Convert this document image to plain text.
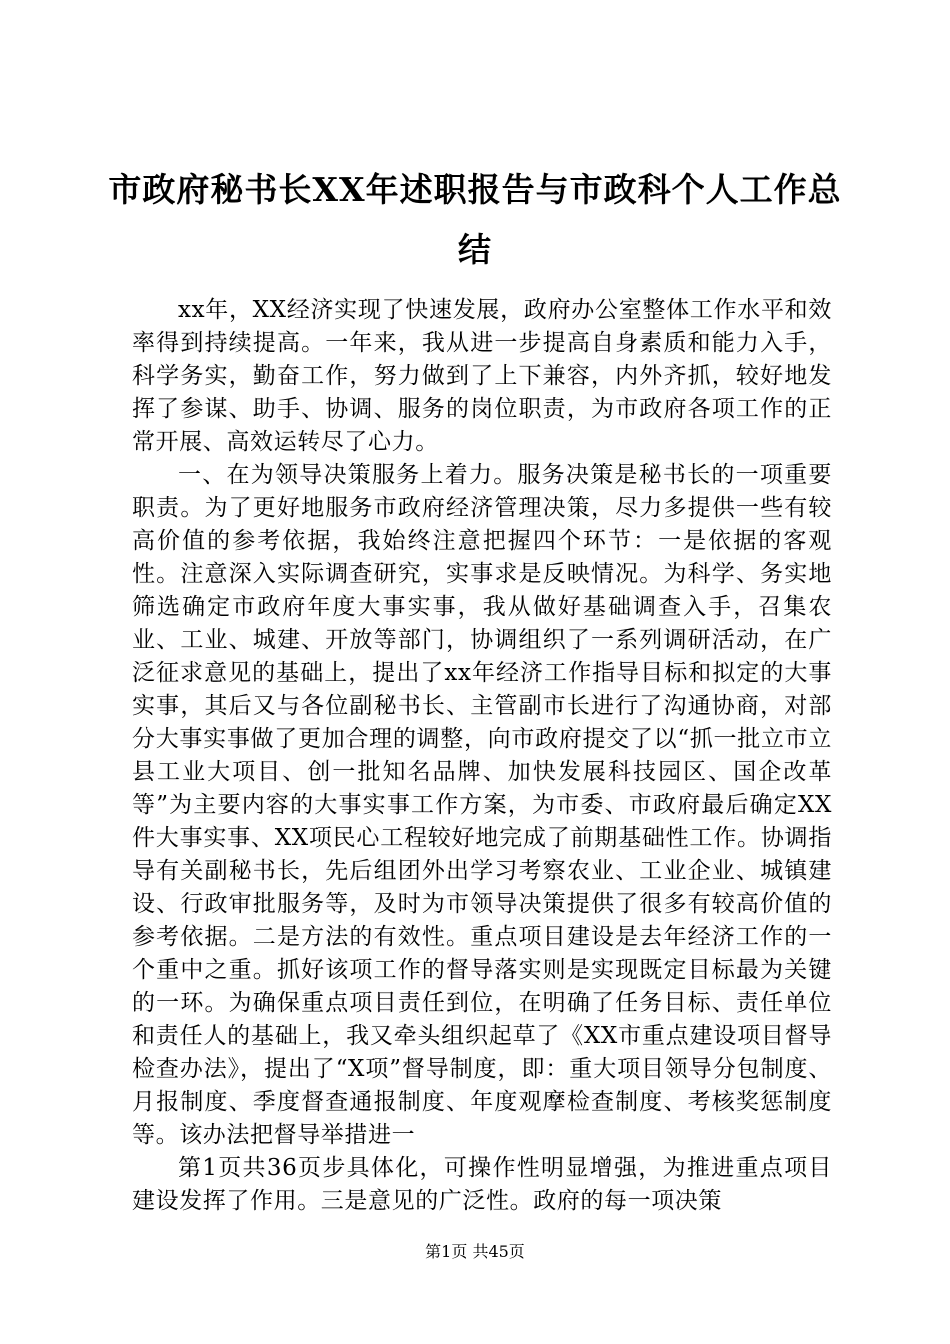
市政府秘书长XX年述职报告与市政科个人工作总结

xx年，XX经济实现了快速发展，政府办公室整体工作水平和效率得到持续提高。一年来，我从进一步提高自身素质和能力入手，科学务实，勤奋工作，努力做到了上下兼容，内外齐抓，较好地发挥了参谋、助手、协调、服务的岗位职责，为市政府各项工作的正常开展、高效运转尽了心力。

一、在为领导决策服务上着力。服务决策是秘书长的一项重要职责。为了更好地服务市政府经济管理决策，尽力多提供一些有较高价值的参考依据，我始终注意把握四个环节：一是依据的客观性。注意深入实际调查研究，实事求是反映情况。为科学、务实地筛选确定市政府年度大事实事，我从做好基础调查入手，召集农业、工业、城建、开放等部门，协调组织了一系列调研活动，在广泛征求意见的基础上，提出了xx年经济工作指导目标和拟定的大事实事，其后又与各位副秘书长、主管副市长进行了沟通协商，对部分大事实事做了更加合理的调整，向市政府提交了以“抓一批立市立县工业大项目、创一批知名品牌、加快发展科技园区、国企改革等”为主要内容的大事实事工作方案，为市委、市政府最后确定XX件大事实事、XX项民心工程较好地完成了前期基础性工作。协调指导有关副秘书长，先后组团外出学习考察农业、工业企业、城镇建设、行政审批服务等，及时为市领导决策提供了很多有较高价值的参考依据。二是方法的有效性。重点项目建设是去年经济工作的一个重中之重。抓好该项工作的督导落实则是实现既定目标最为关键的一环。为确保重点项目责任到位，在明确了任务目标、责任单位和责任人的基础上，我又牵头组织起草了《XX市重点建设项目督导检查办法》，提出了“X项”督导制度，即：重大项目领导分包制度、月报制度、季度督查通报制度、年度观摩检查制度、考核奖惩制度等。该办法把督导举措进一

第1页共36页步具体化，可操作性明显增强，为推进重点项目建设发挥了作用。三是意见的广泛性。政府的每一项决策

第1页 共45页
